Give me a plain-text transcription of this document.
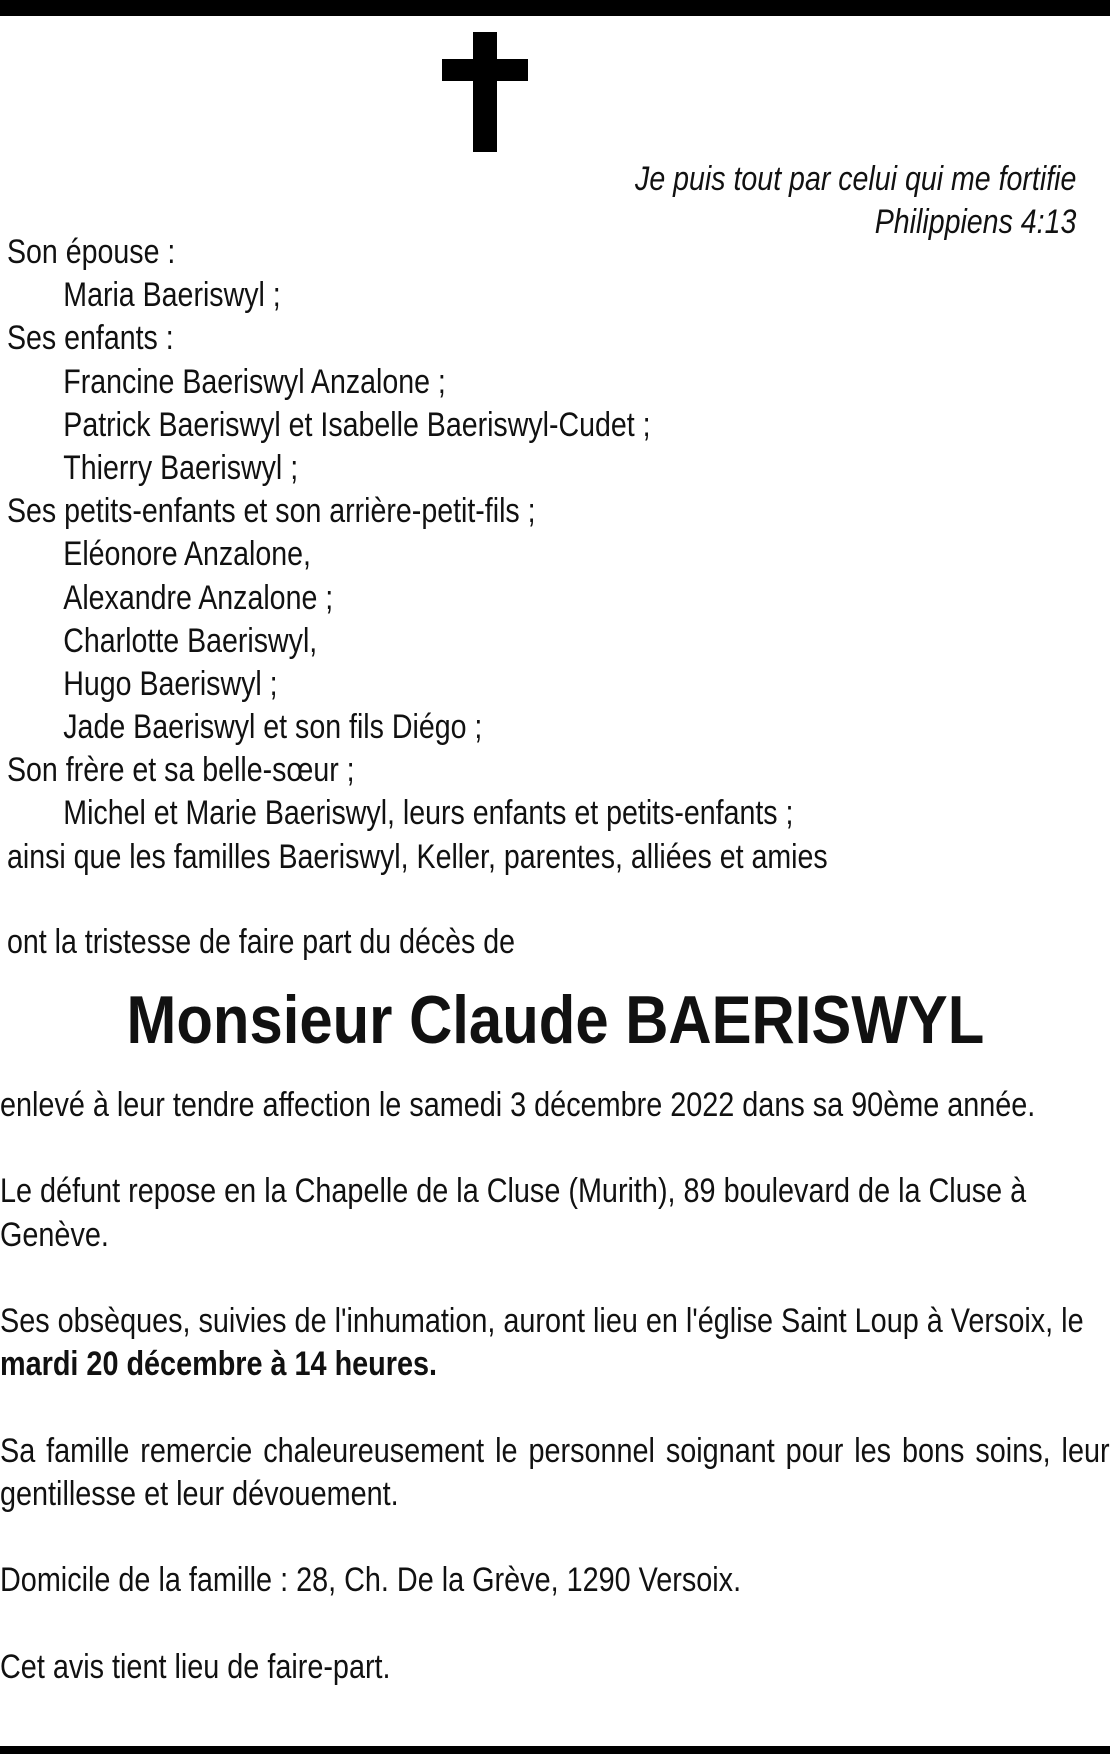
Je puis tout par celui qui me fortifie
Philippiens 4:13
Son épouse :
Maria Baeriswyl ;
Ses enfants :
Francine Baeriswyl Anzalone ;
Patrick Baeriswyl et Isabelle Baeriswyl-Cudet ;
Thierry Baeriswyl ;
Ses petits-enfants et son arrière-petit-fils ;
Eléonore Anzalone,
Alexandre Anzalone ;
Charlotte Baeriswyl,
Hugo Baeriswyl ;
Jade Baeriswyl et son fils Diégo ;
Son frère et sa belle-sœur ;
Michel et Marie Baeriswyl, leurs enfants et petits-enfants ;
ainsi que les familles Baeriswyl, Keller, parentes, alliées et amies
ont la tristesse de faire part du décès de
Monsieur Claude BAERISWYL

enlevé à leur tendre affection le samedi 3 décembre 2022 dans sa 90ème année.

Le défunt repose en la Chapelle de la Cluse (Murith), 89 boulevard de la Cluse à Genève.

Ses obsèques, suivies de l'inhumation, auront lieu en l'église Saint Loup à Versoix, le mardi 20 décembre à 14 heures.

Sa famille remercie chaleureusement le personnel soignant pour les bons soins, leur gentillesse et leur dévouement.

Domicile de la famille : 28, Ch. De la Grève, 1290 Versoix.

Cet avis tient lieu de faire-part.
